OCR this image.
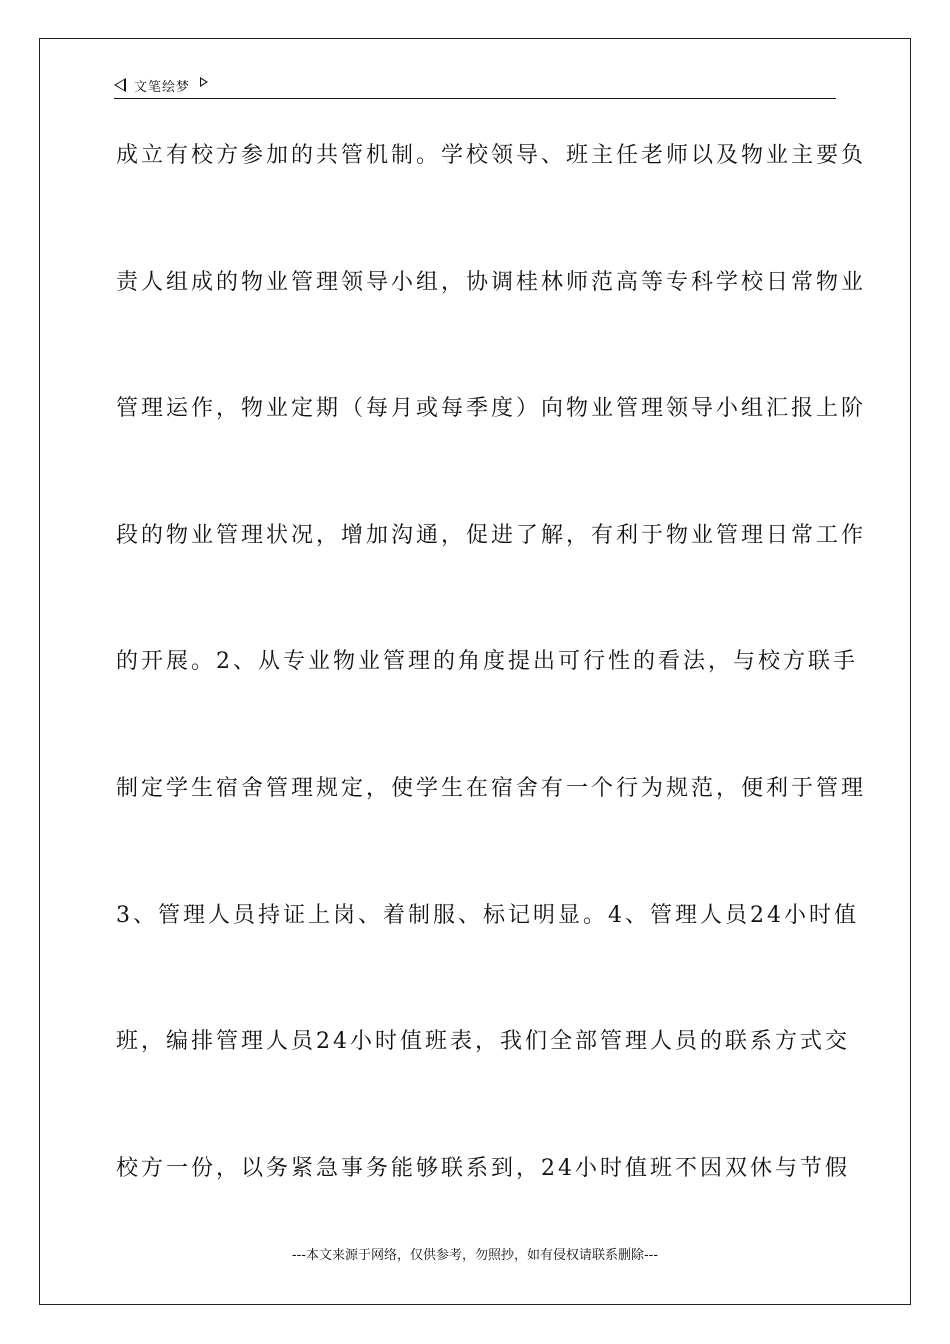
文笔绘梦
成立有校方参加的共管机制。学校领导、班主任老师以及物业主要负
责人组成的物业管理领导小组，协调桂林师范高等专科学校日常物业
管理运作，物业定期（每月或每季度）向物业管理领导小组汇报上阶
段的物业管理状况，增加沟通，促进了解，有利于物业管理日常工作
的开展。2、从专业物业管理的角度提出可行性的看法，与校方联手
制定学生宿舍管理规定，使学生在宿舍有一个行为规范，便利于管理
3、管理人员持证上岗、着制服、标记明显。4、管理人员24小时值
班，编排管理人员24小时值班表，我们全部管理人员的联系方式交
校方一份，以务紧急事务能够联系到，24小时值班不因双休与节假
---本文来源于网络，仅供参考，勿照抄，如有侵权请联系删除---
